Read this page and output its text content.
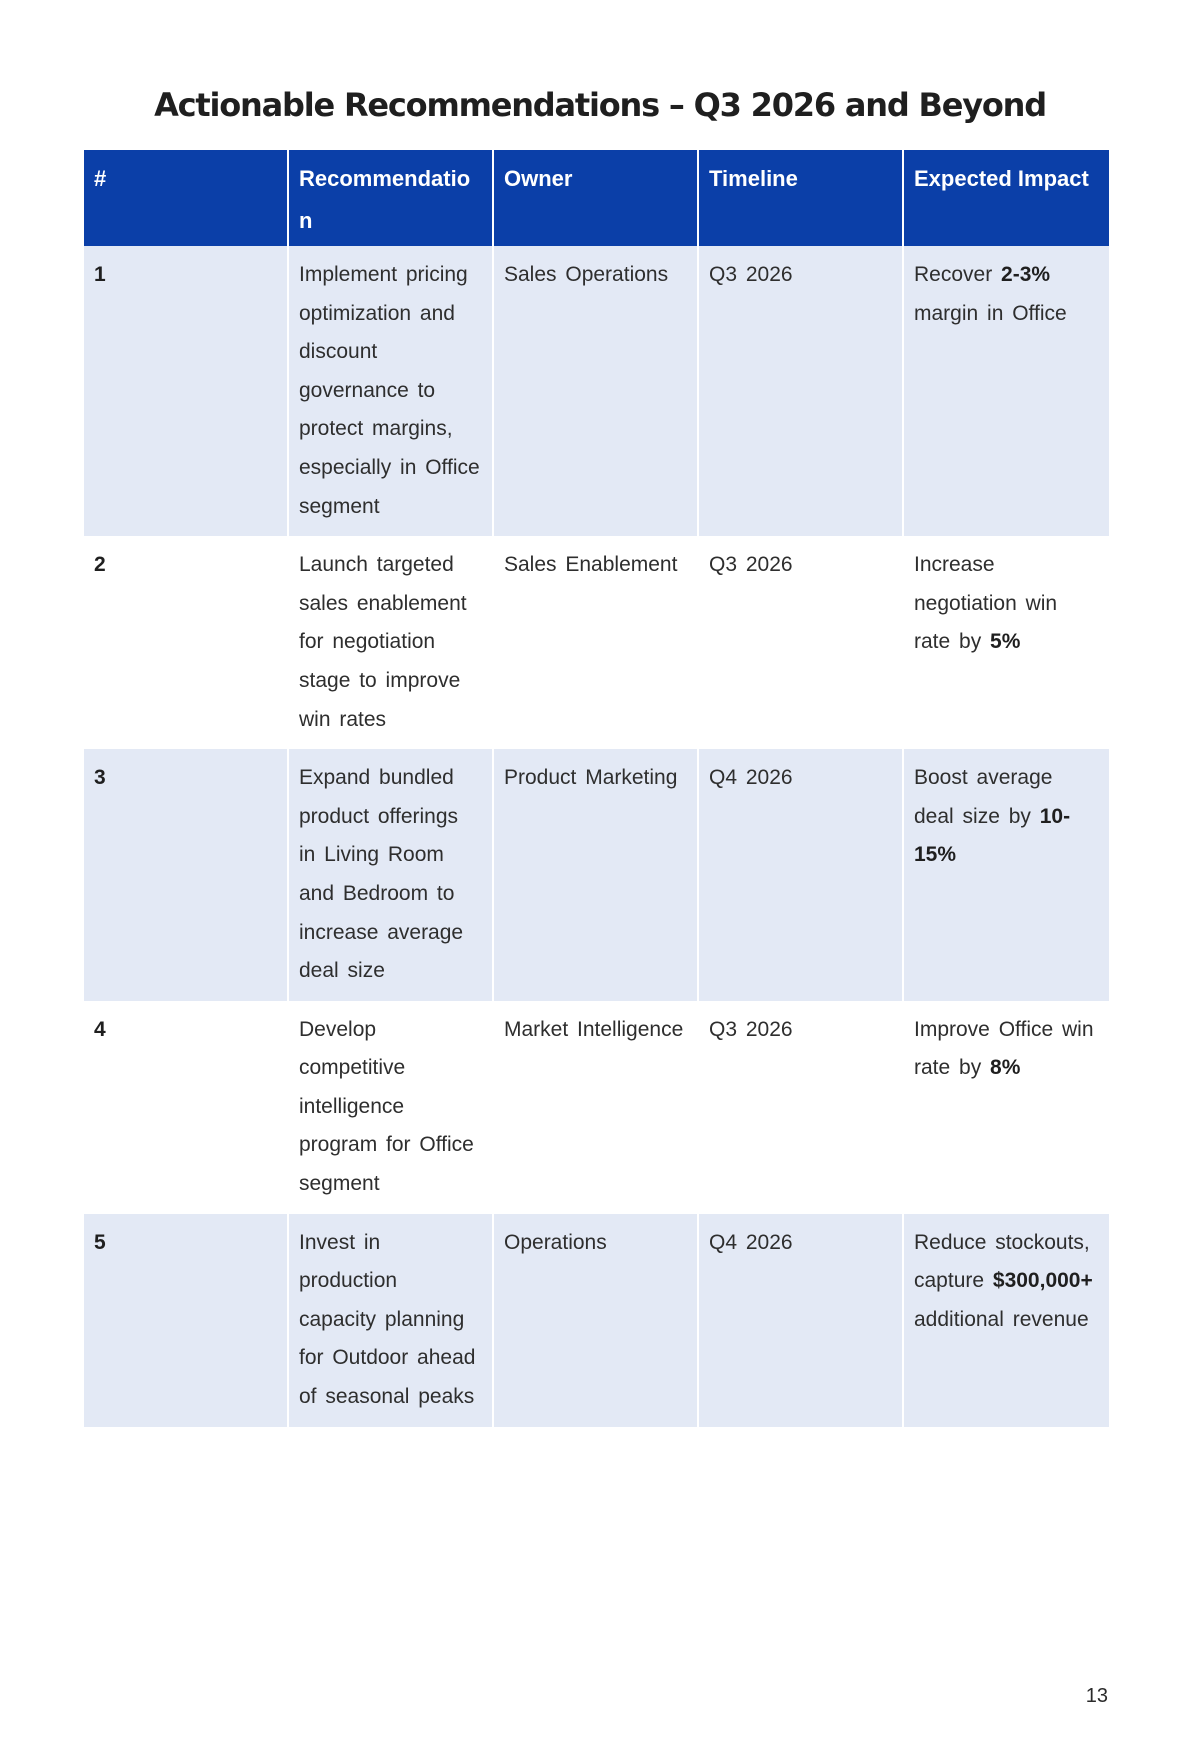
Actionable Recommendations – Q3 2026 and Beyond
#	Recommendatio n	Owner	Timeline	Expected Impact
1	Implement pricing optimization and discount governance to protect margins, especially in Office segment	Sales Operations	Q3 2026	Recover 2-3% margin in Office
2	Launch targeted sales enablement for negotiation stage to improve win rates	Sales Enablement	Q3 2026	Increase negotiation win rate by 5%
3	Expand bundled product offerings in Living Room and Bedroom to increase average deal size	Product Marketing	Q4 2026	Boost average deal size by 10-15%
4	Develop competitive intelligence program for Office segment	Market Intelligence	Q3 2026	Improve Office win rate by 8%
5	Invest in production capacity planning for Outdoor ahead of seasonal peaks	Operations	Q4 2026	Reduce stockouts, capture $300,000+ additional revenue
13
